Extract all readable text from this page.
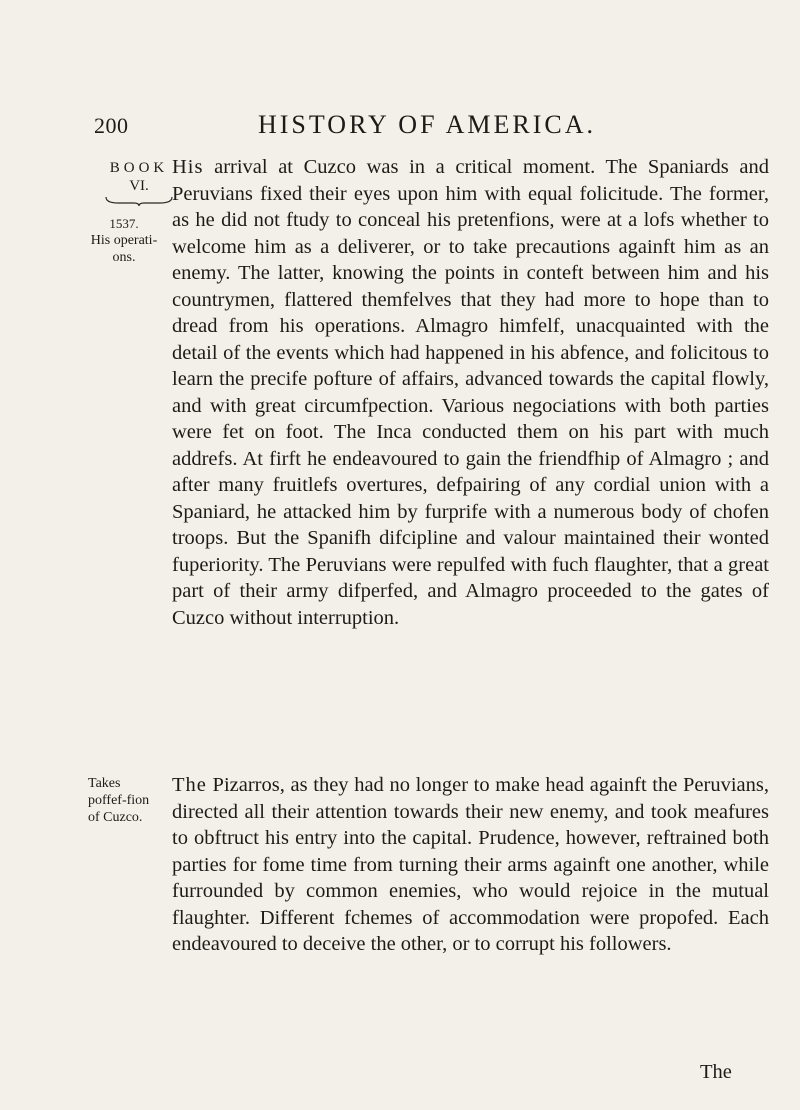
200	HISTORY OF AMERICA.
BOOK
VI.
1537.
His operati-ons.

His arrival at Cuzco was in a critical moment. The Spaniards and Peruvians fixed their eyes upon him with equal folicitude. The former, as he did not ftudy to conceal his pretenfions, were at a lofs whether to welcome him as a deliverer, or to take precautions againft him as an enemy. The latter, knowing the points in conteft between him and his countrymen, flattered themfelves that they had more to hope than to dread from his operations. Almagro himfelf, unacquainted with the detail of the events which had happened in his abfence, and folicitous to learn the precife pofture of affairs, advanced towards the capital flowly, and with great circumfpection. Various negociations with both parties were fet on foot. The Inca conducted them on his part with much addrefs. At firft he endeavoured to gain the friendfhip of Almagro ; and after many fruitlefs overtures, defpairing of any cordial union with a Spaniard, he attacked him by furprife with a numerous body of chofen troops. But the Spanifh difcipline and valour maintained their wonted fuperiority. The Peruvians were repulfed with fuch flaughter, that a great part of their army difperfed, and Almagro proceeded to the gates of Cuzco without interruption.

Takes poffef-fion of Cuzco.

The Pizarros, as they had no longer to make head againft the Peruvians, directed all their attention towards their new enemy, and took meafures to obftruct his entry into the capital. Prudence, however, reftrained both parties for fome time from turning their arms againft one another, while furrounded by common enemies, who would rejoice in the mutual flaughter. Different fchemes of accommodation were propofed. Each endeavoured to deceive the other, or to corrupt his followers.

The
